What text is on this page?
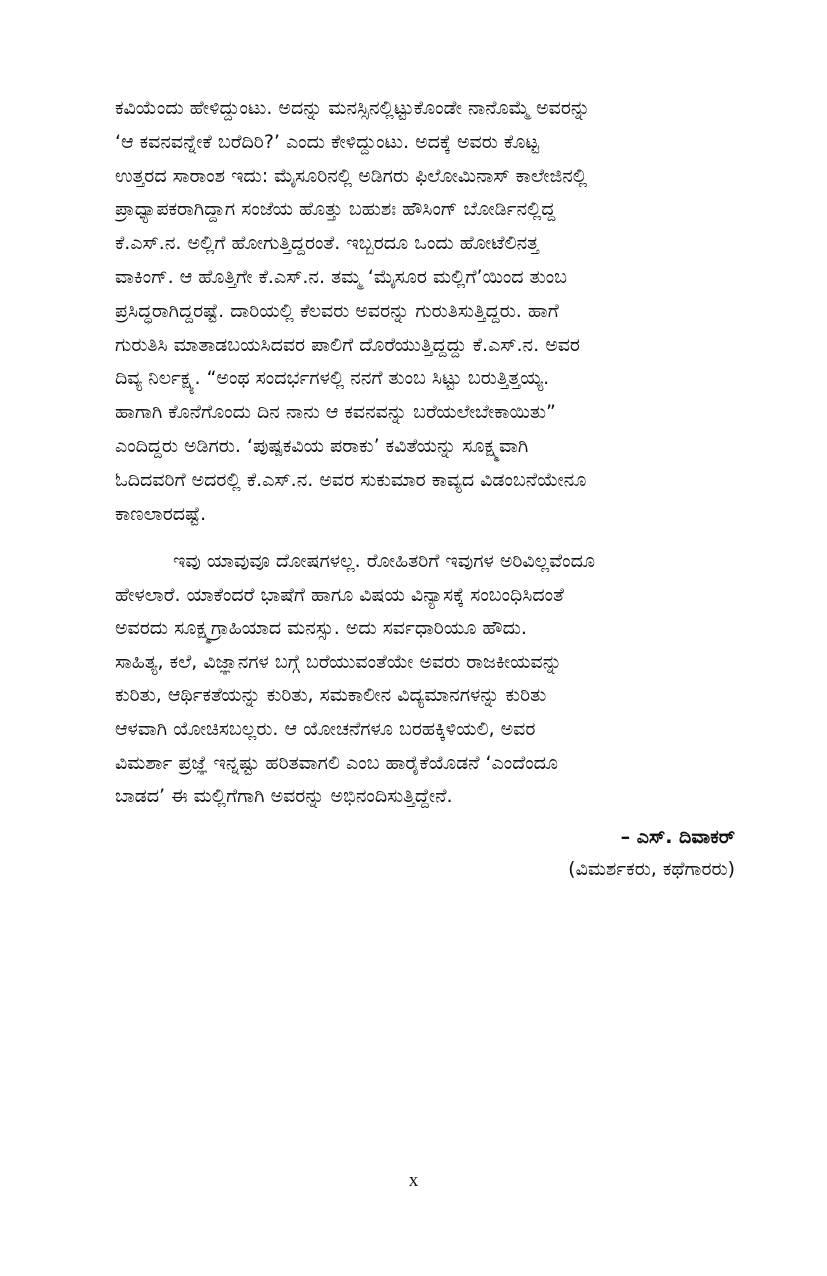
ಕವಿಯೆಂದು ಹೇಳಿದ್ದುಂಟು. ಅದನ್ನು ಮನಸ್ಸಿನಲ್ಲಿಟ್ಟುಕೊಂಡೇ ನಾನೊಮ್ಮೆ ಅವರನ್ನು
‘ಆ ಕವನವನ್ನೇಕೆ ಬರೆದಿರಿ?’ ಎಂದು ಕೇಳಿದ್ದುಂಟು. ಅದಕ್ಕೆ ಅವರು ಕೊಟ್ಟ
ಉತ್ತರದ ಸಾರಾಂಶ ಇದು: ಮೈಸೂರಿನಲ್ಲಿ ಅಡಿಗರು ಫಿಲೋಮಿನಾಸ್ ಕಾಲೇಜಿನಲ್ಲಿ
ಪ್ರಾಧ್ಯಾಪಕರಾಗಿದ್ದಾಗ ಸಂಜೆಯ ಹೊತ್ತು ಬಹುಶಃ ಹೌಸಿಂಗ್ ಬೋರ್ಡಿನಲ್ಲಿದ್ದ
ಕೆ.ಎಸ್.ನ. ಅಲ್ಲಿಗೆ ಹೋಗುತ್ತಿದ್ದರಂತೆ. ಇಬ್ಬರದೂ ಒಂದು ಹೋಟೆಲಿನತ್ತ
ವಾಕಿಂಗ್. ಆ ಹೊತ್ತಿಗೇ ಕೆ.ಎಸ್.ನ. ತಮ್ಮ ‘ಮೈಸೂರ ಮಲ್ಲಿಗೆ’ಯಿಂದ ತುಂಬ
ಪ್ರಸಿದ್ಧರಾಗಿದ್ದರಷ್ಟೆ. ದಾರಿಯಲ್ಲಿ ಕೆಲವರು ಅವರನ್ನು ಗುರುತಿಸುತ್ತಿದ್ದರು. ಹಾಗೆ
ಗುರುತಿಸಿ ಮಾತಾಡಬಯಸಿದವರ ಪಾಲಿಗೆ ದೊರೆಯುತ್ತಿದ್ದದ್ದು ಕೆ.ಎಸ್.ನ. ಅವರ
ದಿವ್ಯ ನಿರ್ಲಕ್ಷ್ಯ. “ಅಂಥ ಸಂದರ್ಭಗಳಲ್ಲಿ ನನಗೆ ತುಂಬ ಸಿಟ್ಟು ಬರುತ್ತಿತ್ತಯ್ಯ.
ಹಾಗಾಗಿ ಕೊನೆಗೊಂದು ದಿನ ನಾನು ಆ ಕವನವನ್ನು ಬರೆಯಲೇಬೇಕಾಯಿತು”
ಎಂದಿದ್ದರು ಅಡಿಗರು. ‘ಪುಷ್ಪಕವಿಯ ಪರಾಕು’ ಕವಿತೆಯನ್ನು ಸೂಕ್ಷ್ಮವಾಗಿ
ಓದಿದವರಿಗೆ ಅದರಲ್ಲಿ ಕೆ.ಎಸ್.ನ. ಅವರ ಸುಕುಮಾರ ಕಾವ್ಯದ ವಿಡಂಬನೆಯೇನೂ
ಕಾಣಲಾರದಷ್ಟೆ.
ಇವು ಯಾವುವೂ ದೋಷಗಳಲ್ಲ. ರೋಹಿತರಿಗೆ ಇವುಗಳ ಅರಿವಿಲ್ಲವೆಂದೂ
ಹೇಳಲಾರೆ. ಯಾಕೆಂದರೆ ಭಾಷೆಗೆ ಹಾಗೂ ವಿಷಯ ವಿನ್ಯಾಸಕ್ಕೆ ಸಂಬಂಧಿಸಿದಂತೆ
ಅವರದು ಸೂಕ್ಷ್ಮಗ್ರಾಹಿಯಾದ ಮನಸ್ಸು. ಅದು ಸರ್ವಧಾರಿಯೂ ಹೌದು.
ಸಾಹಿತ್ಯ, ಕಲೆ, ವಿಜ್ಞಾನಗಳ ಬಗ್ಗೆ ಬರೆಯುವಂತೆಯೇ ಅವರು ರಾಜಕೀಯವನ್ನು
ಕುರಿತು, ಆರ್ಥಿಕತೆಯನ್ನು ಕುರಿತು, ಸಮಕಾಲೀನ ವಿದ್ಯಮಾನಗಳನ್ನು ಕುರಿತು
ಆಳವಾಗಿ ಯೋಚಿಸಬಲ್ಲರು. ಆ ಯೋಚನೆಗಳೂ ಬರಹಕ್ಕಿಳಿಯಲಿ, ಅವರ
ವಿಮರ್ಶಾ ಪ್ರಜ್ಞೆ ಇನ್ನಷ್ಟು ಹರಿತವಾಗಲಿ ಎಂಬ ಹಾರೈಕೆಯೊಡನೆ ‘ಎಂದೆಂದೂ
ಬಾಡದ’ ಈ ಮಲ್ಲಿಗೆಗಾಗಿ ಅವರನ್ನು ಅಭಿನಂದಿಸುತ್ತಿದ್ದೇನೆ.
– ಎಸ್. ದಿವಾಕರ್
(ವಿಮರ್ಶಕರು, ಕಥೆಗಾರರು)
x
